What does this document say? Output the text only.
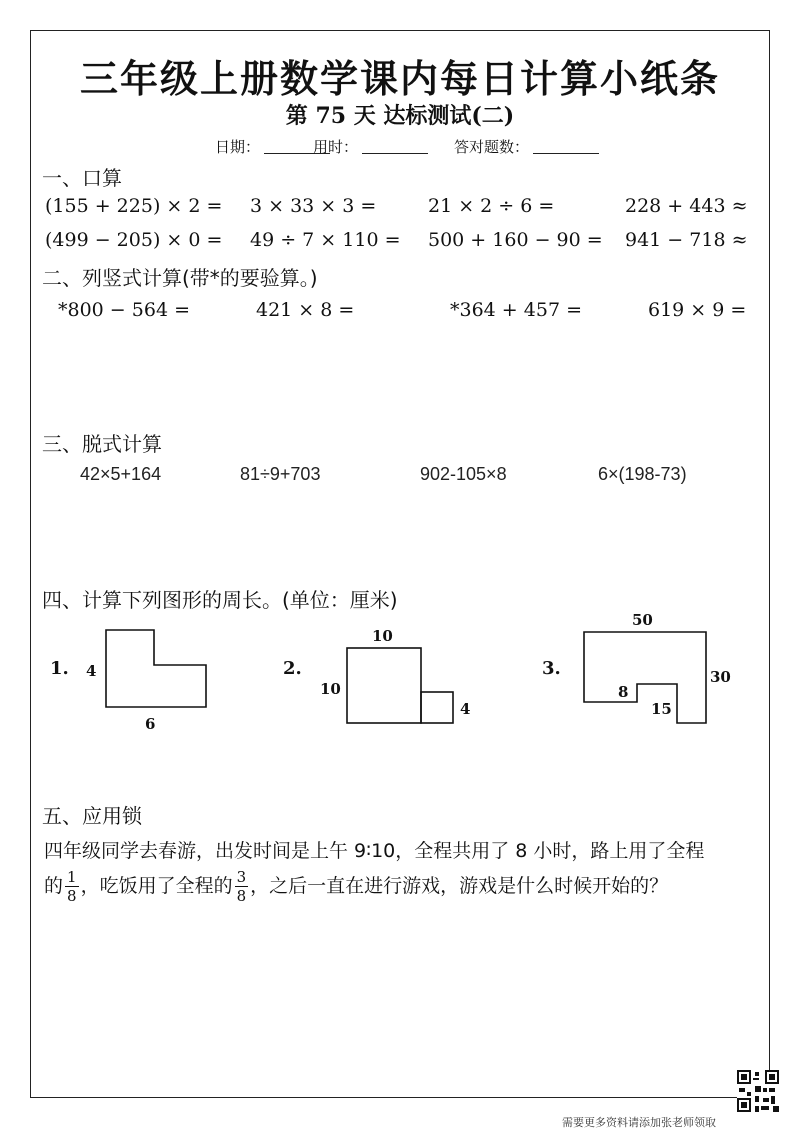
三年级上册数学课内每日计算小纸条
第 75 天 达标测试(二)
日期：	用时：	答对题数：
一、口算
(155 + 225) × 2 = 3 × 33 × 3 =	21 × 2 ÷ 6 =	228 + 443 ≈
(499 − 205) × 0 = 49 ÷ 7 × 110 = 500 + 160 − 90 = 941 − 718 ≈
二、列竖式计算(带*的要验算。)
*800 − 564 =	421 × 8 =	*364 + 457 =	619 × 9 =
三、脱式计算
42×5+164	81÷9+703	902-105×8	6×(198-73)
四、计算下列图形的周长。(单位：厘米)
1. 4
6
2.
10
10
4
3.
50
30
8
15
五、应用锁
四年级同学去春游，出发时间是上午 9∶10，全程共用了 8 小时，路上用了全程
的 $\frac{1}{8}$ ，吃饭用了全程的 $\frac{3}{8}$ ，之后一直在进行游戏，游戏是什么时候开始的？
需要更多资料请添加张老师领取
